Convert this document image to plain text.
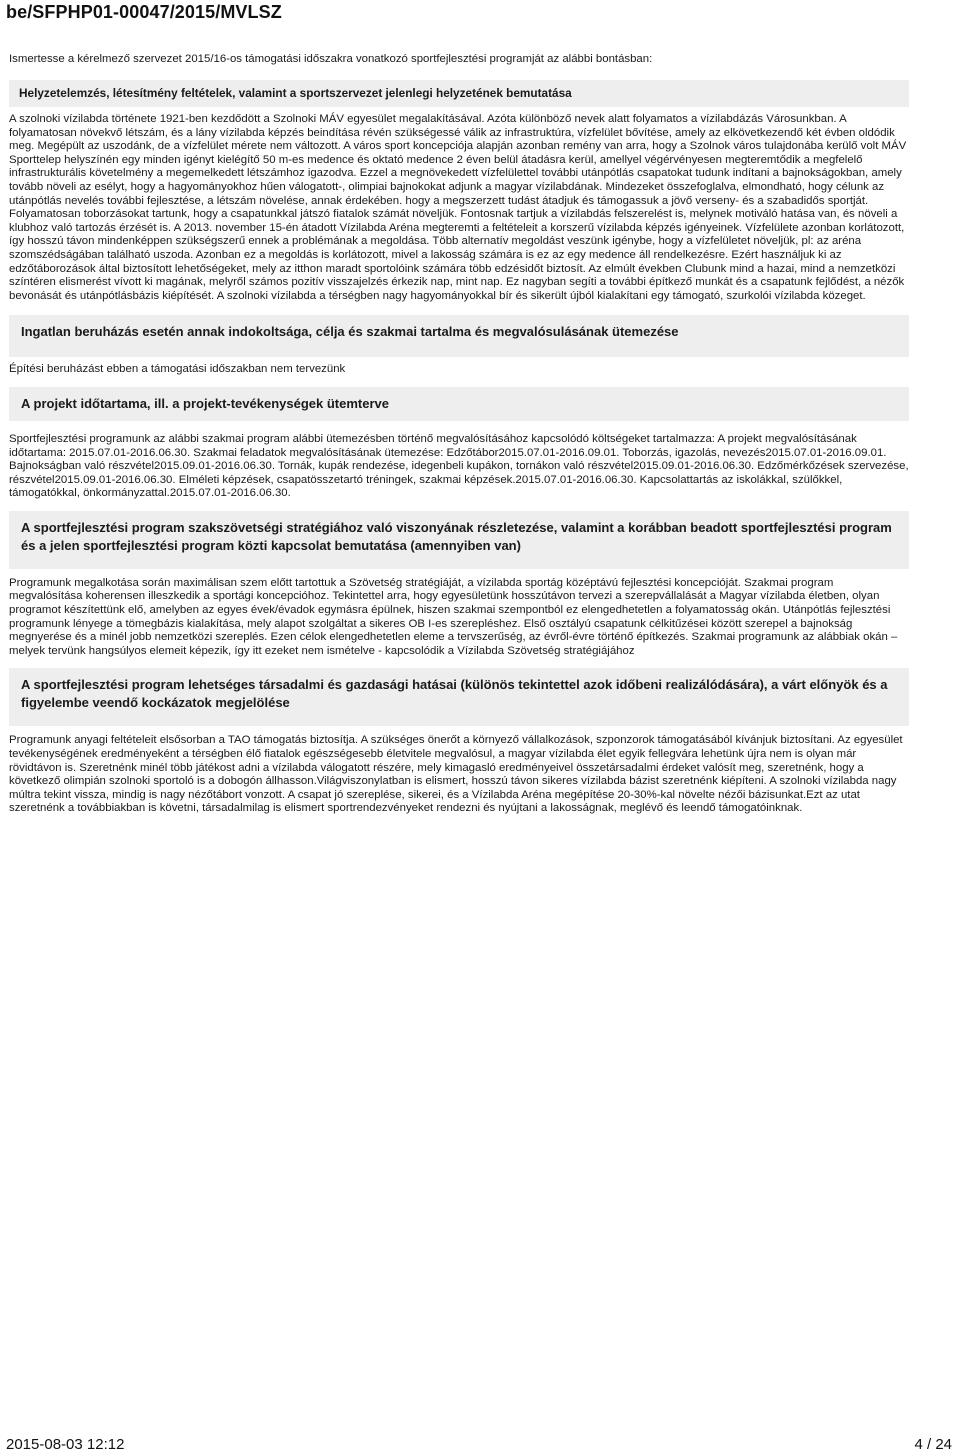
be/SFPHP01-00047/2015/MVLSZ

Ismertesse a kérelmező szervezet 2015/16-os támogatási időszakra vonatkozó sportfejlesztési programját az alábbi bontásban:

Helyzetelemzés, létesítmény feltételek, valamint a sportszervezet jelenlegi helyzetének bemutatása

A szolnoki vízilabda története 1921-ben kezdődött a Szolnoki MÁV egyesület megalakításával. Azóta különböző nevek alatt folyamatos a vízilabdázás Városunkban. A folyamatosan növekvő létszám, és a lány vízilabda képzés beindítása révén szükségessé válik az infrastruktúra, vízfelület bővítése, amely az elkövetkezendő két évben oldódik meg. Megépült az uszodánk, de a vízfelület mérete nem változott. A város sport koncepciója alapján azonban remény van arra, hogy a Szolnok város tulajdonába kerülő volt MÁV Sporttelep helyszínén egy minden igényt kielégítő 50 m-es medence és oktató medence 2 éven belül átadásra kerül, amellyel végérvényesen megteremtődik a megfelelő infrastrukturális követelmény a megemelkedett létszámhoz igazodva. Ezzel a megnövekedett vízfelülettel további utánpótlás csapatokat tudunk indítani a bajnokságokban, amely tovább növeli az esélyt, hogy a hagyományokhoz hűen válogatott-, olimpiai bajnokokat adjunk a magyar vízilabdának. Mindezeket összefoglalva, elmondható, hogy célunk az utánpótlás nevelés további fejlesztése, a létszám növelése, annak érdekében. hogy a megszerzett tudást átadjuk és támogassuk a jövő verseny- és a szabadidős sportját. Folyamatosan toborzásokat tartunk, hogy a csapatunkkal játszó fiatalok számát növeljük. Fontosnak tartjuk a vízilabdás felszerelést is, melynek motiváló hatása van, és növeli a klubhoz való tartozás érzését is. A 2013. november 15-én átadott Vízilabda Aréna megteremti a feltételeit a korszerű vízilabda képzés igényeinek. Vízfelülete azonban korlátozott, így hosszú távon mindenképpen szükségszerű ennek a problémának a megoldása. Több alternatív megoldást veszünk igénybe, hogy a vízfelületet növeljük, pl: az aréna szomszédságában található uszoda. Azonban ez a megoldás is korlátozott, mivel a lakosság számára is ez az egy medence áll rendelkezésre. Ezért használjuk ki az edzőtáborozások által biztosított lehetőségeket, mely az itthon maradt sportolóink számára több edzésidőt biztosít. Az elmúlt években Clubunk mind a hazai, mind a nemzetközi színtéren elismerést vívott ki magának, melyről számos pozitív visszajelzés érkezik nap, mint nap. Ez nagyban segíti a további építkező munkát és a csapatunk fejlődést, a nézők bevonását és utánpótlásbázis kiépítését. A szolnoki vízilabda a térségben nagy hagyományokkal bír és sikerült újból kialakítani egy támogató, szurkolói vízilabda közeget.

Ingatlan beruházás esetén annak indokoltsága, célja és szakmai tartalma és megvalósulásának ütemezése

Építési beruházást ebben a támogatási időszakban nem tervezünk

A projekt időtartama, ill. a projekt-tevékenységek ütemterve

Sportfejlesztési programunk az alábbi szakmai program alábbi ütemezésben történő megvalósításához kapcsolódó költségeket tartalmazza: A projekt megvalósításának időtartama: 2015.07.01-2016.06.30. Szakmai feladatok megvalósításának ütemezése: Edzőtábor2015.07.01-2016.09.01. Toborzás, igazolás, nevezés2015.07.01-2016.09.01. Bajnokságban való részvétel2015.09.01-2016.06.30. Tornák, kupák rendezése, idegenbeli kupákon, tornákon való részvétel2015.09.01-2016.06.30. Edzőmérkőzések szervezése, részvétel2015.09.01-2016.06.30. Elméleti képzések, csapatösszetartó tréningek, szakmai képzések.2015.07.01-2016.06.30. Kapcsolattartás az iskolákkal, szülőkkel, támogatókkal, önkormányzattal.2015.07.01-2016.06.30.

A sportfejlesztési program szakszövetségi stratégiához való viszonyának részletezése, valamint a korábban beadott sportfejlesztési program és a jelen sportfejlesztési program közti kapcsolat bemutatása (amennyiben van)

Programunk megalkotása során maximálisan szem előtt tartottuk a Szövetség stratégiáját, a vízilabda sportág középtávú fejlesztési koncepcióját. Szakmai program megvalósítása koherensen illeszkedik a sportági koncepcióhoz. Tekintettel arra, hogy egyesületünk hosszútávon tervezi a szerepvállalását a Magyar vízilabda életben, olyan programot készítettünk elő, amelyben az egyes évek/évadok egymásra épülnek, hiszen szakmai szempontból ez elengedhetetlen a folyamatosság okán. Utánpótlás fejlesztési programunk lényege a tömegbázis kialakítása, mely alapot szolgáltat a sikeres OB I-es szerepléshez. Első osztályú csapatunk célkitűzései között szerepel a bajnokság megnyerése és a minél jobb nemzetközi szereplés. Ezen célok elengedhetetlen eleme a tervszerűség, az évről-évre történő építkezés. Szakmai programunk az alábbiak okán – melyek tervünk hangsúlyos elemeit képezik, így itt ezeket nem ismételve - kapcsolódik a Vízilabda Szövetség stratégiájához

A sportfejlesztési program lehetséges társadalmi és gazdasági hatásai (különös tekintettel azok időbeni realizálódására), a várt előnyök és a figyelembe veendő kockázatok megjelölése

Programunk anyagi feltételeit elsősorban a TAO támogatás biztosítja. A szükséges önerőt a környező vállalkozások, szponzorok támogatásából kívánjuk biztosítani. Az egyesület tevékenységének eredményeként a térségben élő fiatalok egészségesebb életvitele megvalósul, a magyar vízilabda élet egyik fellegvára lehetünk újra nem is olyan már rövidtávon is. Szeretnénk minél több játékost adni a vízilabda válogatott részére, mely kimagasló eredményeivel összetársadalmi érdeket valósít meg, szeretnénk, hogy a következő olimpián szolnoki sportoló is a dobogón állhasson.Világviszonylatban is elismert, hosszú távon sikeres vízilabda bázist szeretnénk kiépíteni. A szolnoki vízilabda nagy múltra tekint vissza, mindig is nagy nézőtábort vonzott. A csapat jó szereplése, sikerei, és a Vízilabda Aréna megépítése 20-30%-kal növelte nézői bázisunkat.Ezt az utat szeretnénk a továbbiakban is követni, társadalmilag is elismert sportrendezvényeket rendezni és nyújtani a lakosságnak, meglévő és leendő támogatóinknak.

2015-08-03 12:12	4 / 24
